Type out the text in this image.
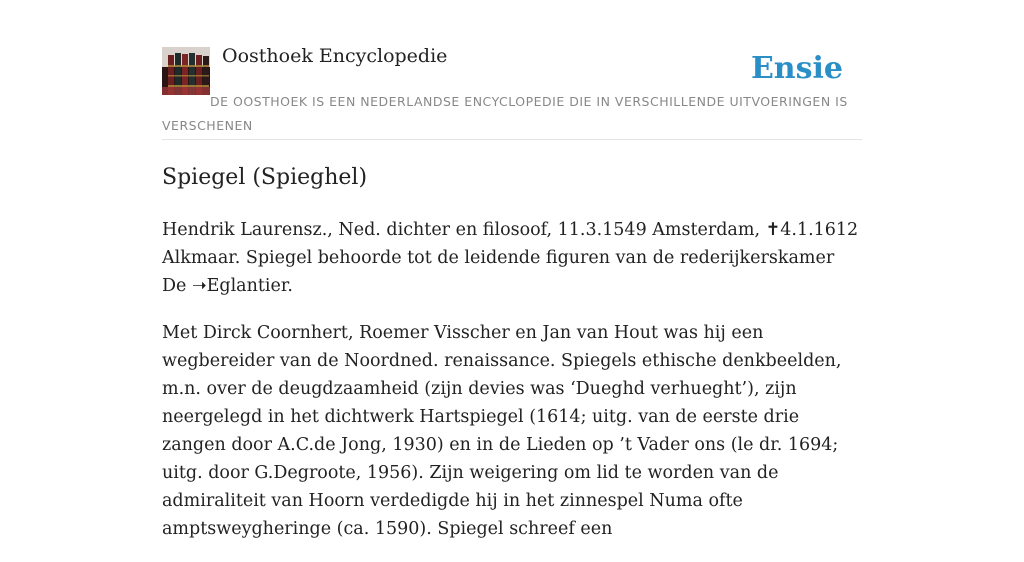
Oosthoek Encyclopedie	Ensie
DE OOSTHOEK IS EEN NEDERLANDSE ENCYCLOPEDIE DIE IN VERSCHILLENDE UITVOERINGEN IS VERSCHENEN
Spiegel (Spieghel)

Hendrik Laurensz., Ned. dichter en filosoof, 11.3.1549 Amsterdam, ✝4.1.1612 Alkmaar. Spiegel behoorde tot de leidende figuren van de rederijkerskamer De ➝Eglantier.

Met Dirck Coornhert, Roemer Visscher en Jan van Hout was hij een wegbereider van de Noordned. renaissance. Spiegels ethische denkbeelden, m.n. over de deugdzaamheid (zijn devies was ‘Dueghd verhueght’), zijn neergelegd in het dichtwerk Hartspiegel (1614; uitg. van de eerste drie zangen door A.C.de Jong, 1930) en in de Lieden op ’t Vader ons (le dr. 1694; uitg. door G.Degroote, 1956). Zijn weigering om lid te worden van de admiraliteit van Hoorn verdedigde hij in het zinnespel Numa ofte amptsweygheringe (ca. 1590). Spiegel schreef een
